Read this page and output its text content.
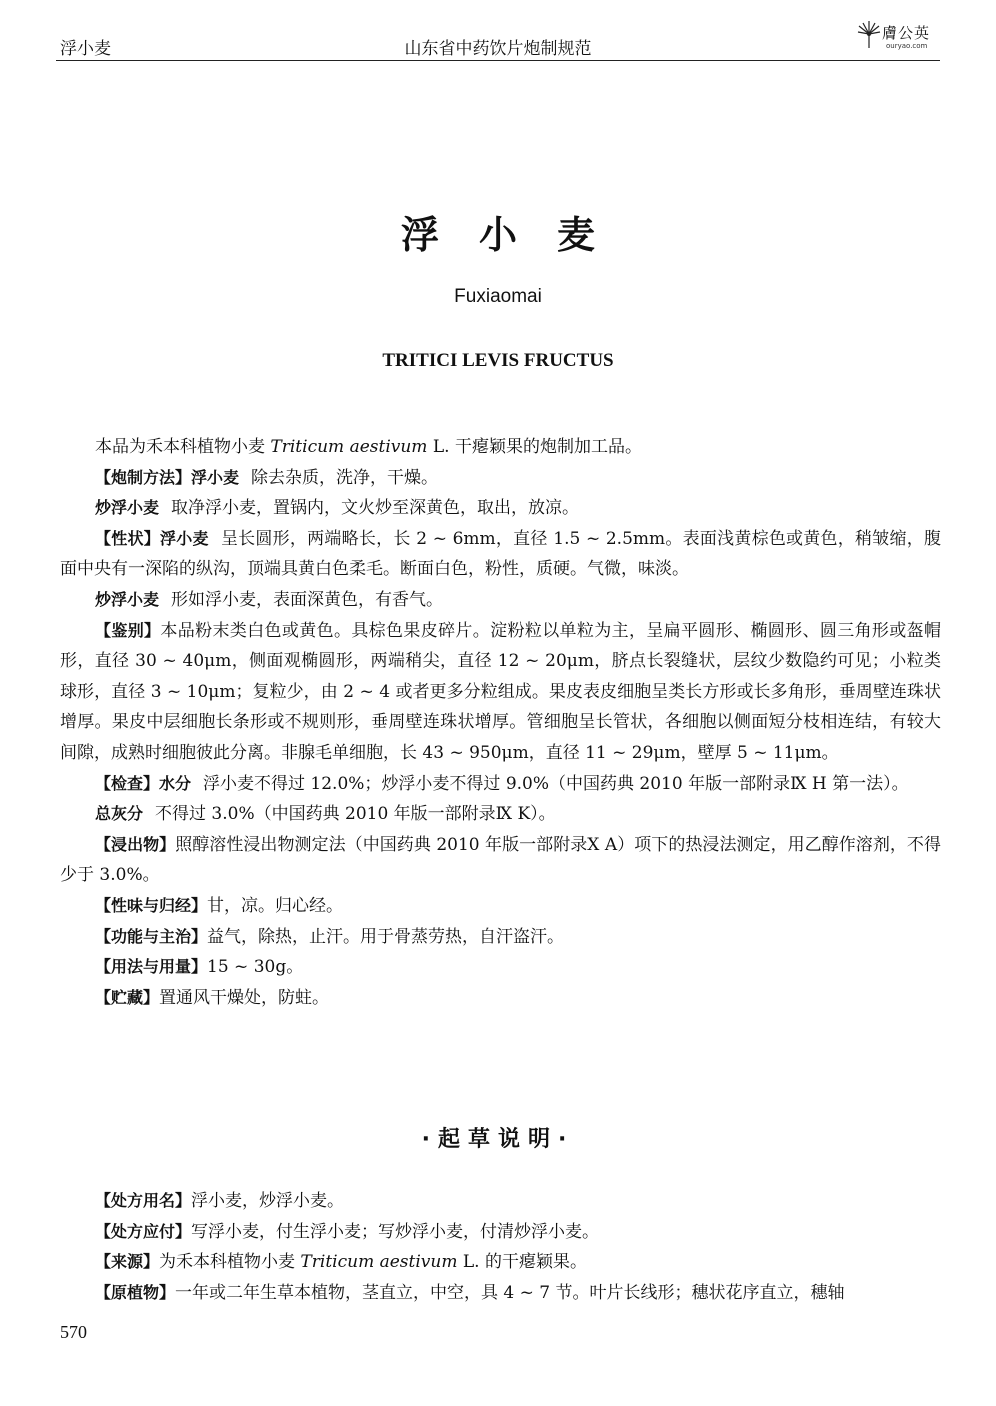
浮小麦	山东省中药饮片炮制规范
膚公英
ouryao.com
浮小麦
Fuxiaomai
TRITICI LEVIS FRUCTUS

本品为禾本科植物小麦 Triticum aestivum L. 干瘪颖果的炮制加工品。

【炮制方法】浮小麦 除去杂质，洗净，干燥。

炒浮小麦 取净浮小麦，置锅内，文火炒至深黄色，取出，放凉。

【性状】浮小麦 呈长圆形，两端略长，长 2 ~ 6mm，直径 1.5 ~ 2.5mm。表面浅黄棕色或黄色，稍皱缩，腹面中央有一深陷的纵沟，顶端具黄白色柔毛。断面白色，粉性，质硬。气微，味淡。

炒浮小麦 形如浮小麦，表面深黄色，有香气。

【鉴别】本品粉末类白色或黄色。具棕色果皮碎片。淀粉粒以单粒为主，呈扁平圆形、椭圆形、圆三角形或盔帽形，直径 30 ~ 40μm，侧面观椭圆形，两端稍尖，直径 12 ~ 20μm，脐点长裂缝状，层纹少数隐约可见；小粒类球形，直径 3 ~ 10μm；复粒少，由 2 ~ 4 或者更多分粒组成。果皮表皮细胞呈类长方形或长多角形，垂周壁连珠状增厚。果皮中层细胞长条形或不规则形，垂周壁连珠状增厚。管细胞呈长管状，各细胞以侧面短分枝相连结，有较大间隙，成熟时细胞彼此分离。非腺毛单细胞，长 43 ~ 950μm，直径 11 ~ 29μm，壁厚 5 ~ 11μm。

【检查】水分 浮小麦不得过 12.0%；炒浮小麦不得过 9.0%（中国药典 2010 年版一部附录Ⅸ H 第一法）。

总灰分 不得过 3.0%（中国药典 2010 年版一部附录Ⅸ K）。

【浸出物】照醇溶性浸出物测定法（中国药典 2010 年版一部附录Ⅹ A）项下的热浸法测定，用乙醇作溶剂，不得少于 3.0%。

【性味与归经】甘，凉。归心经。

【功能与主治】益气，除热，止汗。用于骨蒸劳热，自汗盗汗。

【用法与用量】15 ~ 30g。

【贮藏】置通风干燥处，防蛀。

·起草说明·

【处方用名】浮小麦，炒浮小麦。

【处方应付】写浮小麦，付生浮小麦；写炒浮小麦，付清炒浮小麦。

【来源】为禾本科植物小麦 Triticum aestivum L. 的干瘪颖果。

【原植物】一年或二年生草本植物，茎直立，中空，具 4 ~ 7 节。叶片长线形；穗状花序直立，穗轴

570
